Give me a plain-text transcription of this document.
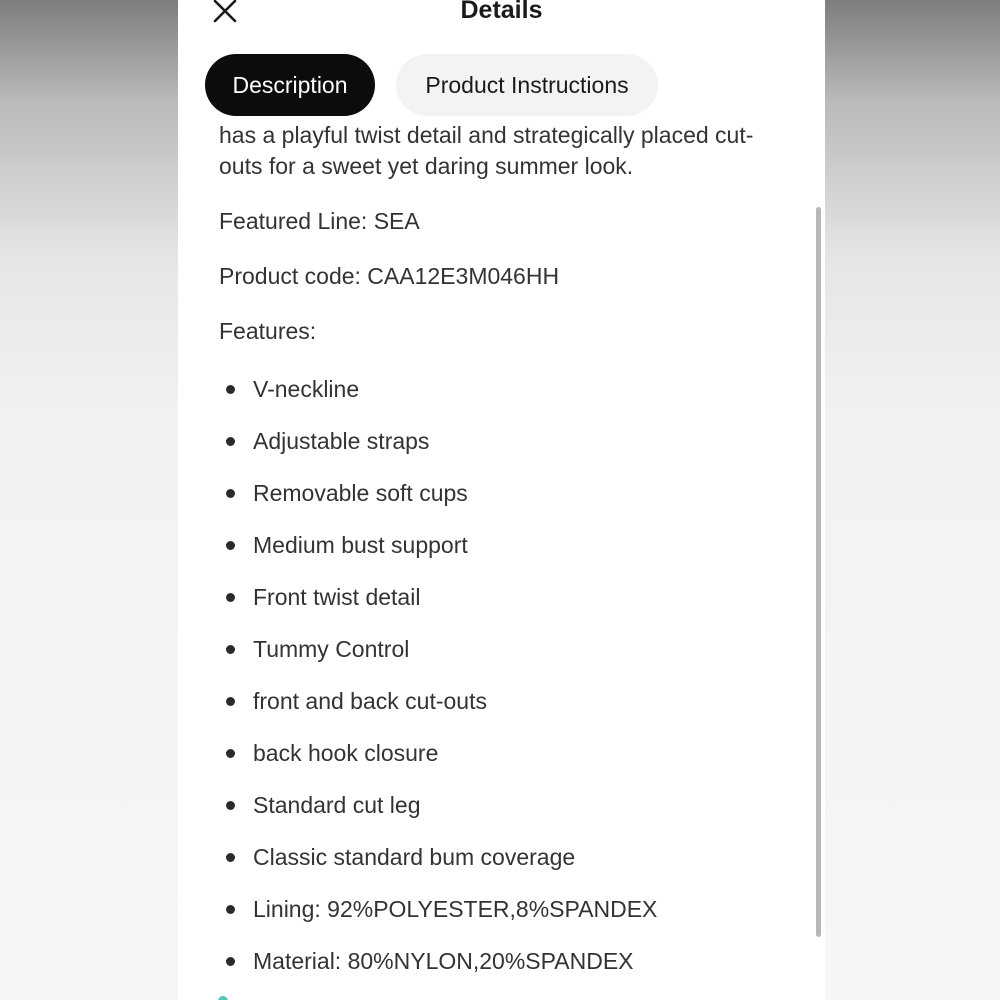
Details
Description	Product Instructions

has a playful twist detail and strategically placed cut-outs for a sweet yet daring summer look.

Featured Line: SEA

Product code: CAA12E3M046HH

Features:

V-neckline
Adjustable straps
Removable soft cups
Medium bust support
Front twist detail
Tummy Control
front and back cut-outs
back hook closure
Standard cut leg
Classic standard bum coverage
Lining: 92%POLYESTER,8%SPANDEX
Material: 80%NYLON,20%SPANDEX
